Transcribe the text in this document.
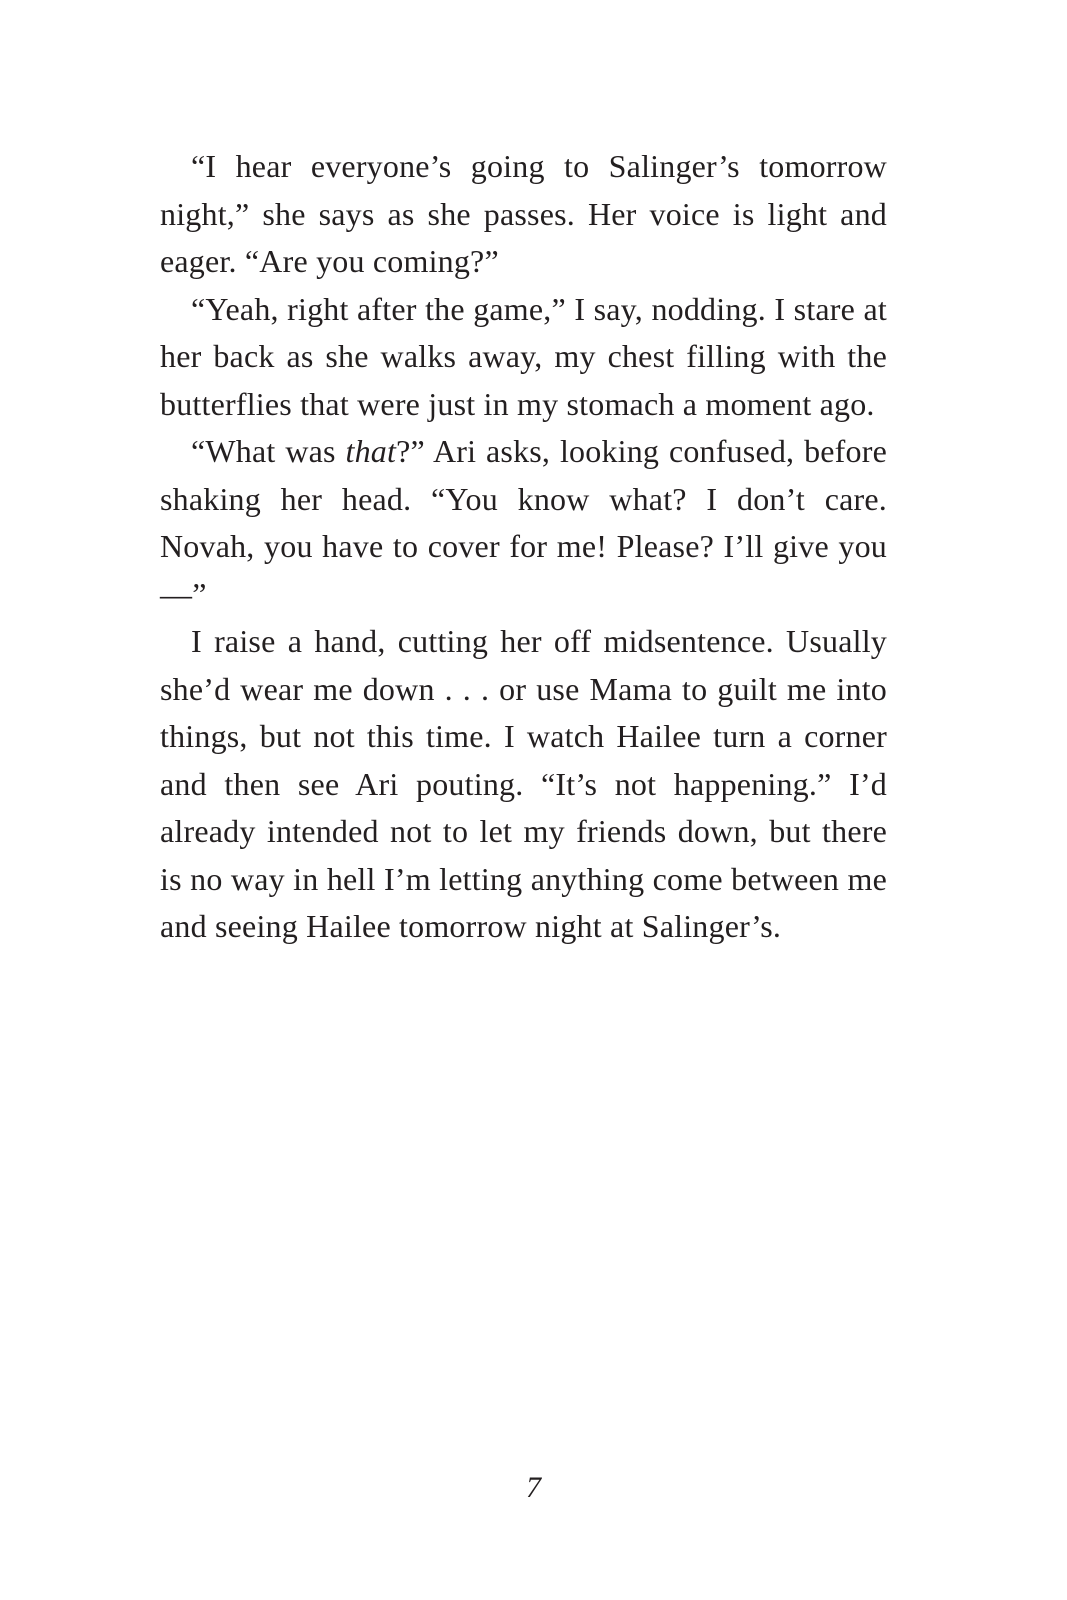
“I hear everyone’s going to Salinger’s tomorrow night,” she says as she passes. Her voice is light and eager. “Are you coming?”

“Yeah, right after the game,” I say, nodding. I stare at her back as she walks away, my chest filling with the butterflies that were just in my stomach a moment ago.

“What was that?” Ari asks, looking confused, before shaking her head. “You know what? I don’t care. Novah, you have to cover for me! Please? I’ll give you—”

I raise a hand, cutting her off midsentence. Usually she’d wear me down . . . or use Mama to guilt me into things, but not this time. I watch Hailee turn a corner and then see Ari pouting. “It’s not happening.” I’d already intended not to let my friends down, but there is no way in hell I’m letting anything come between me and seeing Hailee tomorrow night at Salinger’s.

7
